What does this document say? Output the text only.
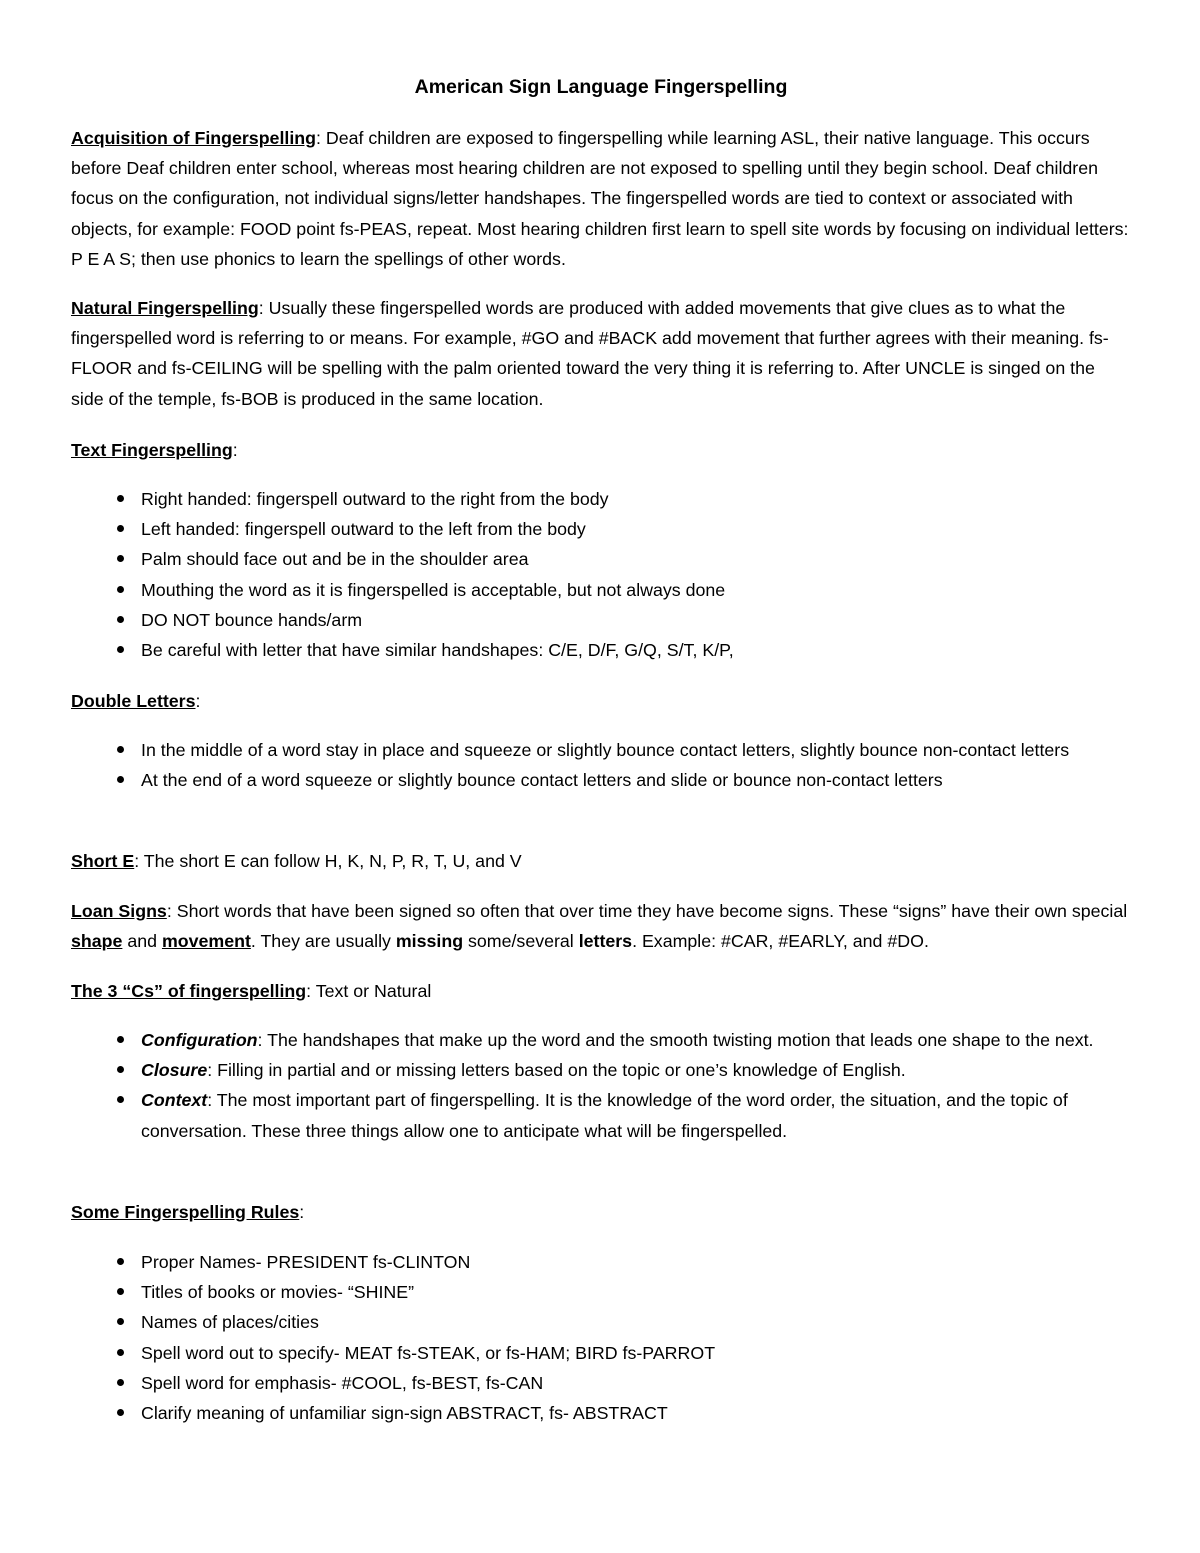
American Sign Language Fingerspelling

Acquisition of Fingerspelling: Deaf children are exposed to fingerspelling while learning ASL, their native language. This occurs before Deaf children enter school, whereas most hearing children are not exposed to spelling until they begin school. Deaf children focus on the configuration, not individual signs/letter handshapes. The fingerspelled words are tied to context or associated with objects, for example: FOOD point fs-PEAS, repeat. Most hearing children first learn to spell site words by focusing on individual letters: P E A S; then use phonics to learn the spellings of other words.

Natural Fingerspelling: Usually these fingerspelled words are produced with added movements that give clues as to what the fingerspelled word is referring to or means. For example, #GO and #BACK add movement that further agrees with their meaning. fs-FLOOR and fs-CEILING will be spelling with the palm oriented toward the very thing it is referring to. After UNCLE is singed on the side of the temple, fs-BOB is produced in the same location.

Text Fingerspelling:

Right handed: fingerspell outward to the right from the body
Left handed: fingerspell outward to the left from the body
Palm should face out and be in the shoulder area
Mouthing the word as it is fingerspelled is acceptable, but not always done
DO NOT bounce hands/arm
Be careful with letter that have similar handshapes: C/E, D/F, G/Q, S/T, K/P,

Double Letters:

In the middle of a word stay in place and squeeze or slightly bounce contact letters, slightly bounce non-contact letters
At the end of a word squeeze or slightly bounce contact letters and slide or bounce non-contact letters

Short E: The short E can follow H, K, N, P, R, T, U, and V

Loan Signs: Short words that have been signed so often that over time they have become signs. These “signs” have their own special shape and movement. They are usually missing some/several letters. Example: #CAR, #EARLY, and #DO.

The 3 “Cs” of fingerspelling: Text or Natural

Configuration: The handshapes that make up the word and the smooth twisting motion that leads one shape to the next.
Closure: Filling in partial and or missing letters based on the topic or one’s knowledge of English.
Context: The most important part of fingerspelling. It is the knowledge of the word order, the situation, and the topic of conversation. These three things allow one to anticipate what will be fingerspelled.

Some Fingerspelling Rules:

Proper Names- PRESIDENT fs-CLINTON
Titles of books or movies- “SHINE”
Names of places/cities
Spell word out to specify- MEAT fs-STEAK, or fs-HAM; BIRD fs-PARROT
Spell word for emphasis- #COOL, fs-BEST, fs-CAN
Clarify meaning of unfamiliar sign-sign ABSTRACT, fs- ABSTRACT
